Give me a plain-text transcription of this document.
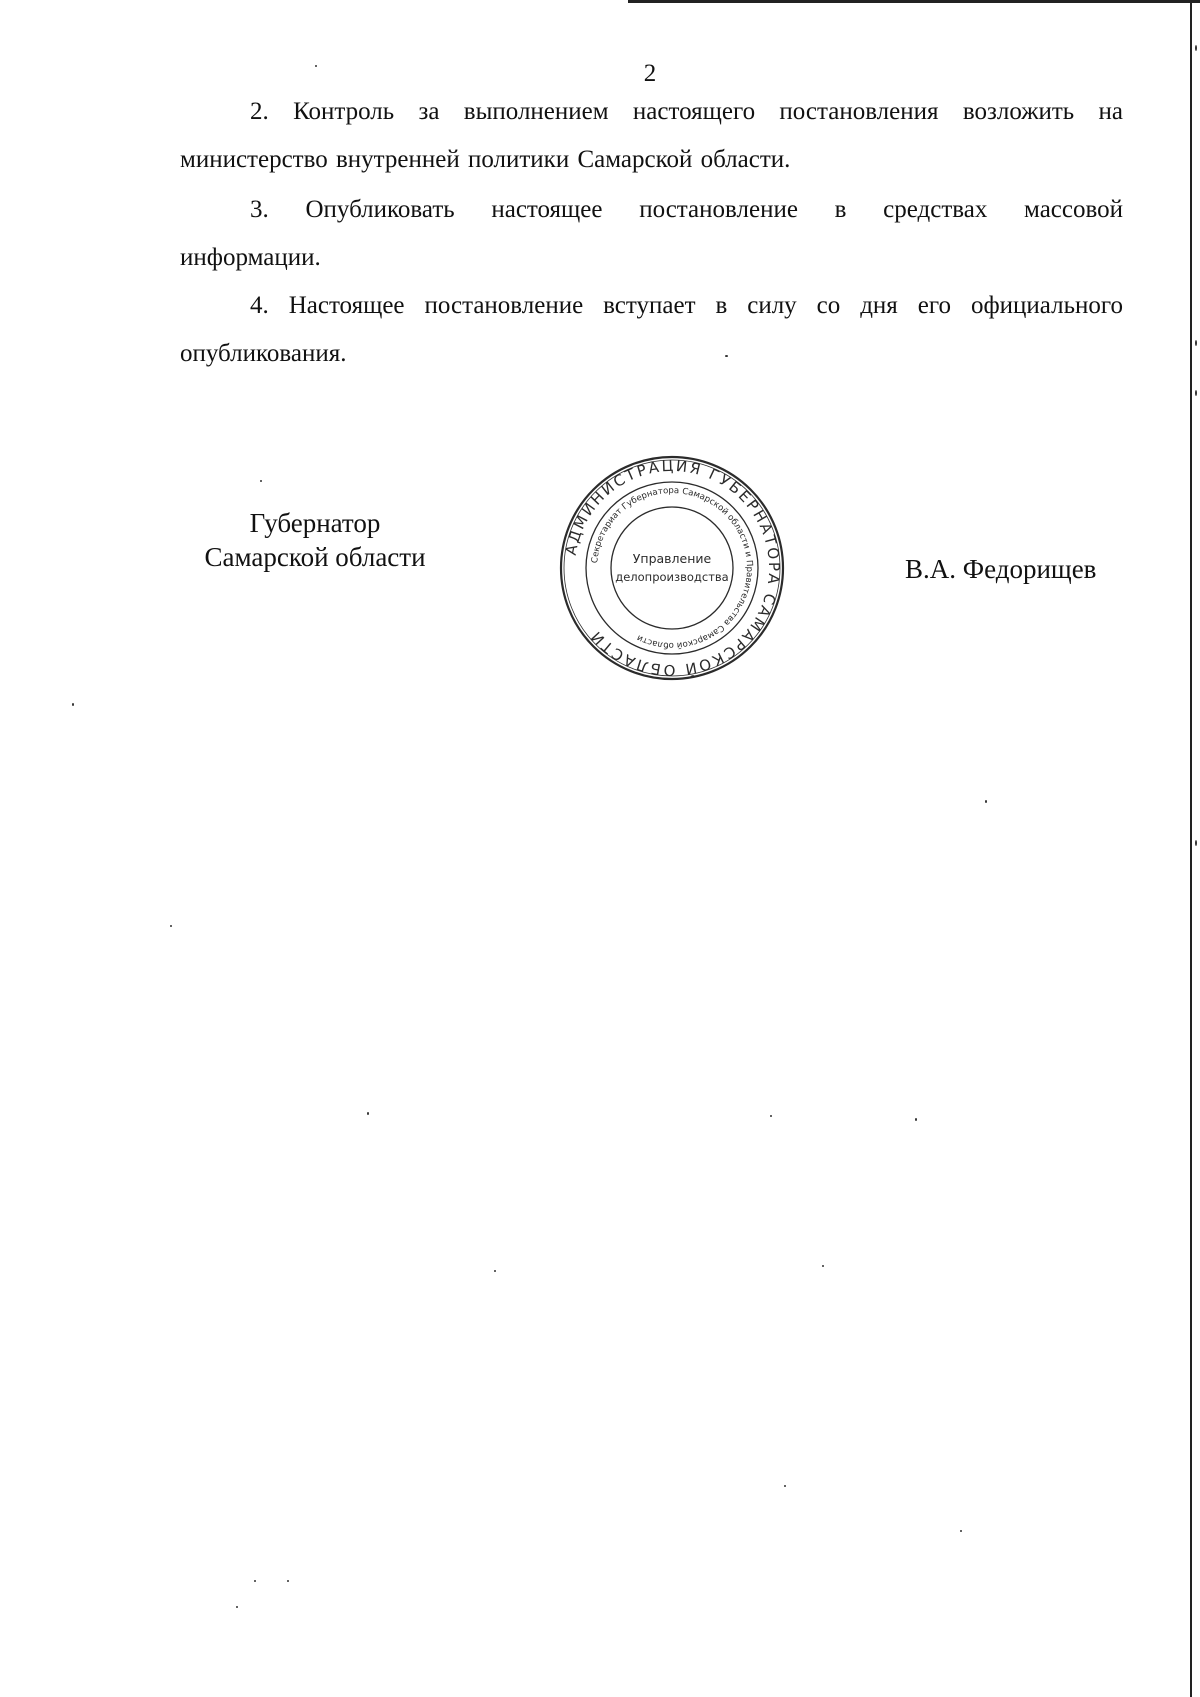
2

2. Контроль за выполнением настоящего постановления возложить на министерство внутренней политики Самарской области.

3. Опубликовать настоящее постановление в средствах массовой информации.

4. Настоящее постановление вступает в силу со дня его официального опубликования.

Губернатор
Самарской области	АДМИНИСТРАЦИЯ ГУБЕРНАТОРА САМАРСКОЙ ОБЛАСТИ
Секретариат Губернатора Самарской области и Правительства Самарской области
Управление
делопроизводства	В.А. Федорищев
